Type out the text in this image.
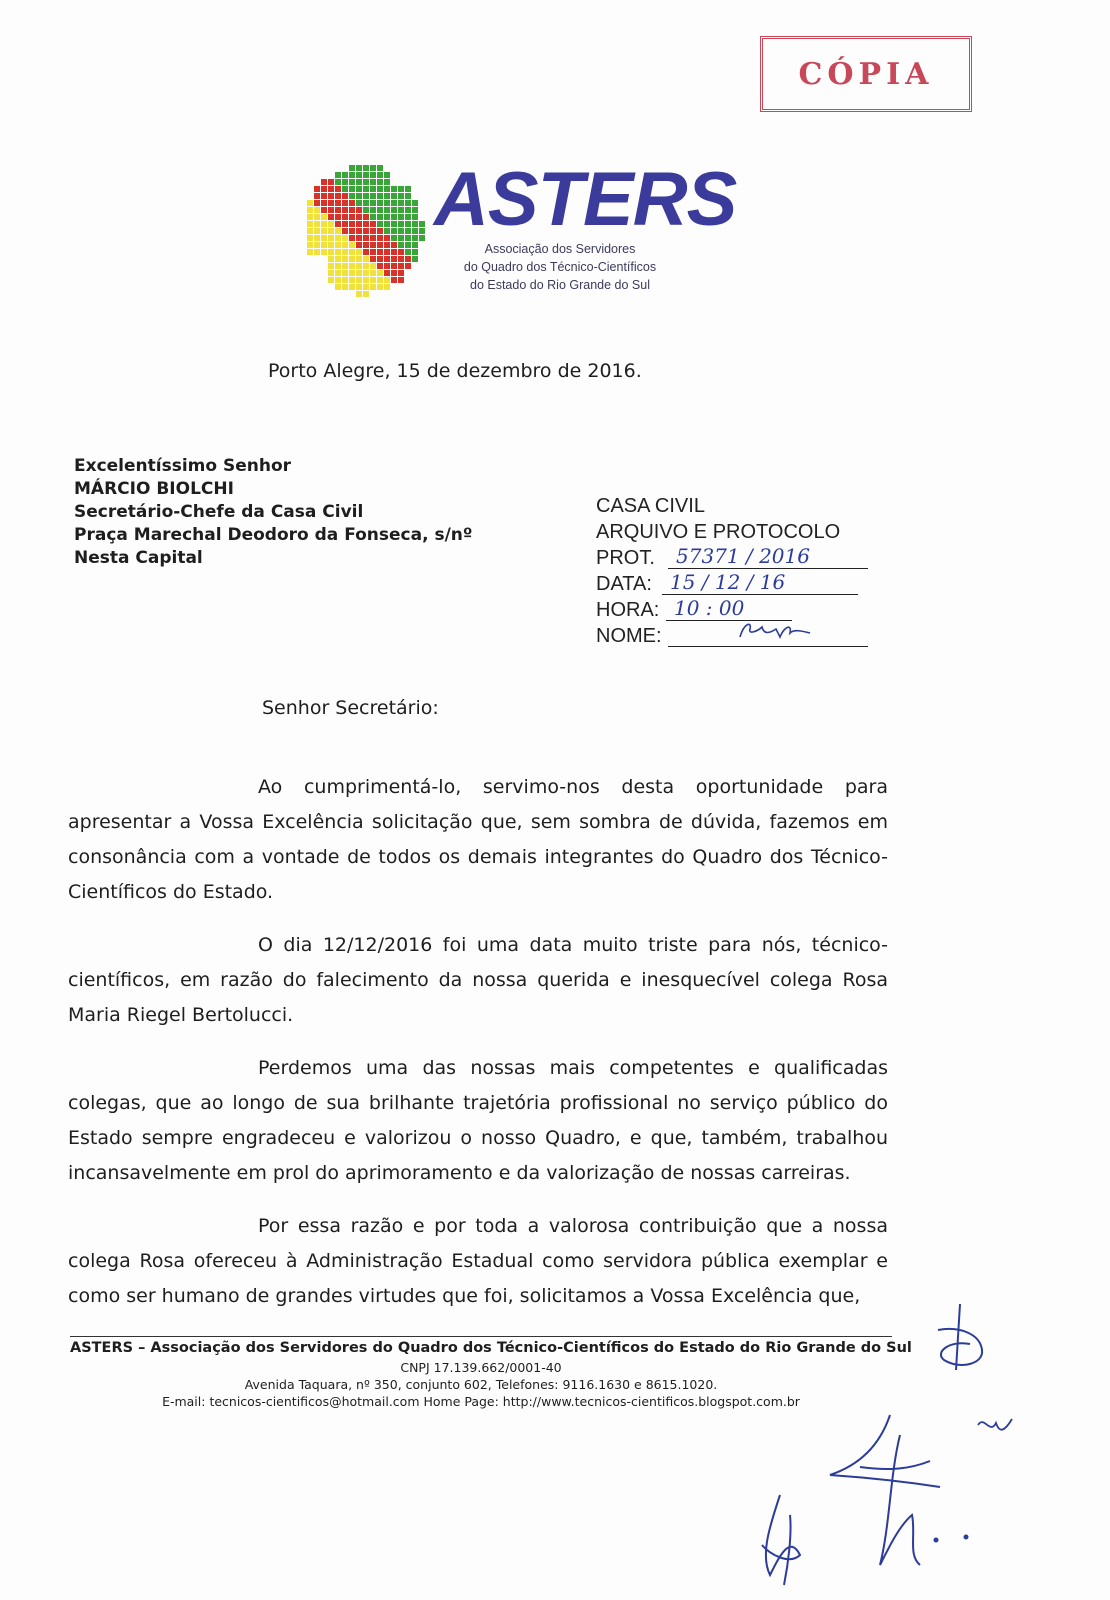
CÓPIA
ASTERS
Associação dos Servidores
do Quadro dos Técnico-Científicos
do Estado do Rio Grande do Sul
Porto Alegre, 15 de dezembro de 2016.
Excelentíssimo Senhor
MÁRCIO BIOLCHI
Secretário-Chefe da Casa Civil
Praça Marechal Deodoro da Fonseca, s/nº
Nesta Capital
CASA CIVIL
ARQUIVO E PROTOCOLO
PROT.	57371 / 2016
DATA: 15 / 12 / 16
HORA: 10 : 00
NOME:
Senhor Secretário:

Ao cumprimentá-lo, servimo-nos desta oportunidade para apresentar a Vossa Excelência solicitação que, sem sombra de dúvida, fazemos em consonância com a vontade de todos os demais integrantes do Quadro dos Técnico-Científicos do Estado.

O dia 12/12/2016 foi uma data muito triste para nós, técnico-científicos, em razão do falecimento da nossa querida e inesquecível colega Rosa Maria Riegel Bertolucci.

Perdemos uma das nossas mais competentes e qualificadas colegas, que ao longo de sua brilhante trajetória profissional no serviço público do Estado sempre engradeceu e valorizou o nosso Quadro, e que, também, trabalhou incansavelmente em prol do aprimoramento e da valorização de nossas carreiras.

Por essa razão e por toda a valorosa contribuição que a nossa colega Rosa ofereceu à Administração Estadual como servidora pública exemplar e como ser humano de grandes virtudes que foi, solicitamos a Vossa Excelência que,

ASTERS – Associação dos Servidores do Quadro dos Técnico-Científicos do Estado do Rio Grande do Sul
CNPJ 17.139.662/0001-40
Avenida Taquara, nº 350, conjunto 602, Telefones: 9116.1630 e 8615.1020.
E-mail: tecnicos-cientificos@hotmail.com Home Page: http://www.tecnicos-cientificos.blogspot.com.br
